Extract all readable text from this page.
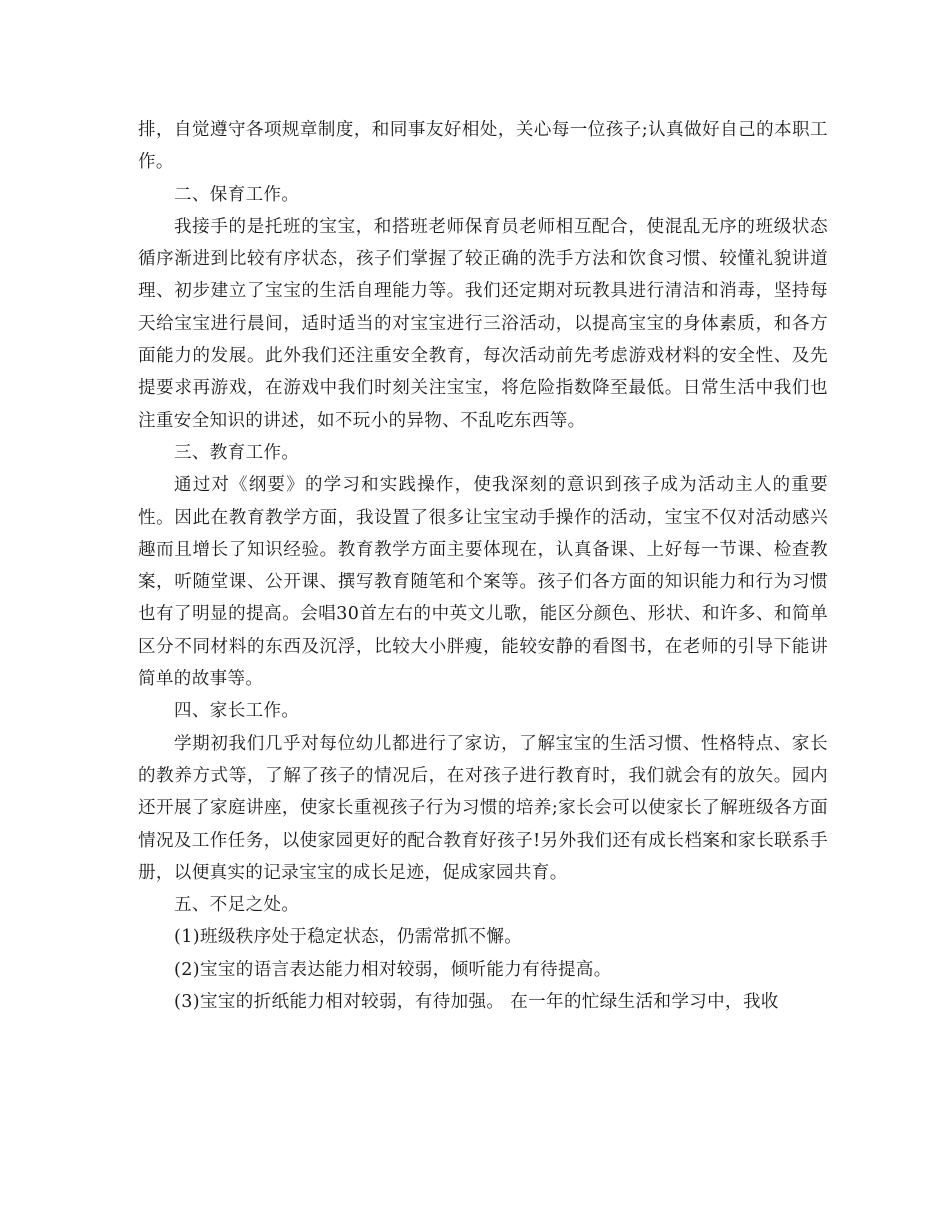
排，自觉遵守各项规章制度，和同事友好相处，关心每一位孩子;认真做好自己的本职工作。

二、保育工作。

我接手的是托班的宝宝，和搭班老师保育员老师相互配合，使混乱无序的班级状态循序渐进到比较有序状态，孩子们掌握了较正确的洗手方法和饮食习惯、较懂礼貌讲道理、初步建立了宝宝的生活自理能力等。我们还定期对玩教具进行清洁和消毒，坚持每天给宝宝进行晨间，适时适当的对宝宝进行三浴活动，以提高宝宝的身体素质，和各方面能力的发展。此外我们还注重安全教育，每次活动前先考虑游戏材料的安全性、及先提要求再游戏，在游戏中我们时刻关注宝宝，将危险指数降至最低。日常生活中我们也注重安全知识的讲述，如不玩小的异物、不乱吃东西等。

三、教育工作。

通过对《纲要》的学习和实践操作，使我深刻的意识到孩子成为活动主人的重要性。因此在教育教学方面，我设置了很多让宝宝动手操作的活动，宝宝不仅对活动感兴趣而且增长了知识经验。教育教学方面主要体现在，认真备课、上好每一节课、检查教案，听随堂课、公开课、撰写教育随笔和个案等。孩子们各方面的知识能力和行为习惯也有了明显的提高。会唱30首左右的中英文儿歌，能区分颜色、形状、和许多、和简单区分不同材料的东西及沉浮，比较大小胖瘦，能较安静的看图书，在老师的引导下能讲简单的故事等。

四、家长工作。

学期初我们几乎对每位幼儿都进行了家访，了解宝宝的生活习惯、性格特点、家长的教养方式等，了解了孩子的情况后，在对孩子进行教育时，我们就会有的放矢。园内还开展了家庭讲座，使家长重视孩子行为习惯的培养;家长会可以使家长了解班级各方面情况及工作任务，以使家园更好的配合教育好孩子!另外我们还有成长档案和家长联系手册，以便真实的记录宝宝的成长足迹，促成家园共育。

五、不足之处。

(1)班级秩序处于稳定状态，仍需常抓不懈。

(2)宝宝的语言表达能力相对较弱，倾听能力有待提高。

(3)宝宝的折纸能力相对较弱，有待加强。 在一年的忙绿生活和学习中，我收
